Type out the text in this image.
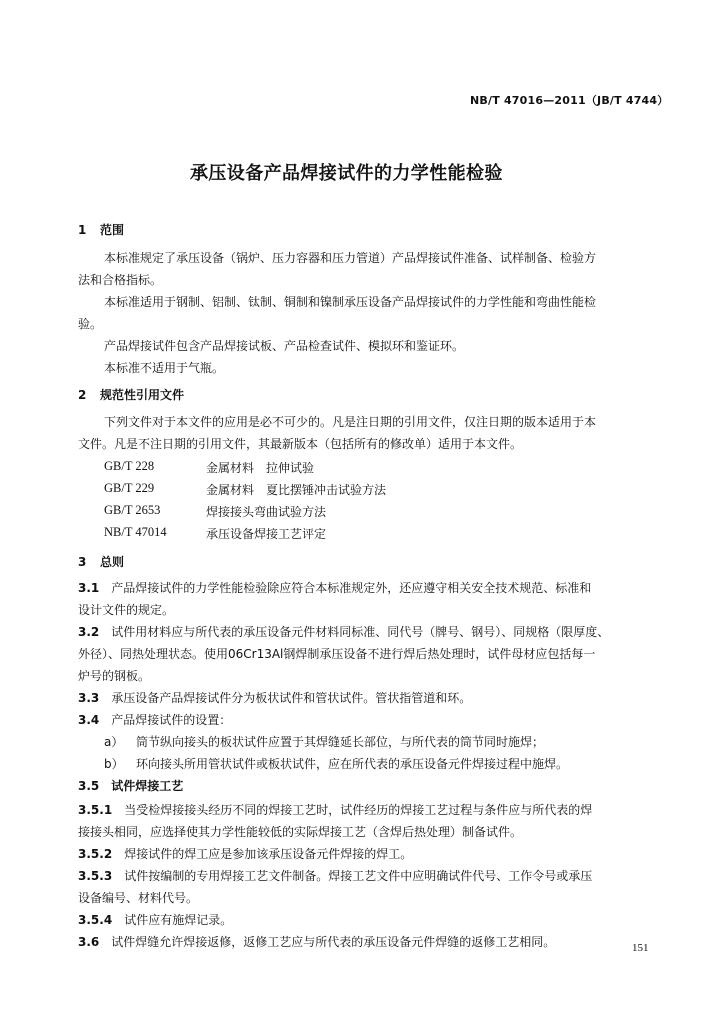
NB/T 47016—2011（JB/T 4744）
承压设备产品焊接试件的力学性能检验
1 范围
本标准规定了承压设备（锅炉、压力容器和压力管道）产品焊接试件准备、试样制备、检验方
法和合格指标。
本标准适用于钢制、铝制、钛制、铜制和镍制承压设备产品焊接试件的力学性能和弯曲性能检
验。
产品焊接试件包含产品焊接试板、产品检查试件、模拟环和鉴证环。
本标准不适用于气瓶。
2 规范性引用文件
下列文件对于本文件的应用是必不可少的。凡是注日期的引用文件，仅注日期的版本适用于本
文件。凡是不注日期的引用文件，其最新版本（包括所有的修改单）适用于本文件。
GB/T 228	金属材料　拉伸试验
GB/T 229	金属材料　夏比摆锤冲击试验方法
GB/T 2653	焊接接头弯曲试验方法
NB/T 47014	承压设备焊接工艺评定
3 总则
3.1　 产品焊接试件的力学性能检验除应符合本标准规定外，还应遵守相关安全技术规范、标准和
设计文件的规定。
3.2　 试件用材料应与所代表的承压设备元件材料同标准、同代号（牌号、钢号）、同规格（限厚度、
外径）、同热处理状态。使用06Cr13Al钢焊制承压设备不进行焊后热处理时，试件母材应包括每一
炉号的钢板。
3.3　 承压设备产品焊接试件分为板状试件和管状试件。管状指管道和环。
3.4　 产品焊接试件的设置：
a）　 筒节纵向接头的板状试件应置于其焊缝延长部位，与所代表的筒节同时施焊；
b）　 环向接头所用管状试件或板状试件，应在所代表的承压设备元件焊接过程中施焊。
3.5　 试件焊接工艺
3.5.1　 当受检焊接接头经历不同的焊接工艺时，试件经历的焊接工艺过程与条件应与所代表的焊
接接头相同，应选择使其力学性能较低的实际焊接工艺（含焊后热处理）制备试件。
3.5.2　 焊接试件的焊工应是参加该承压设备元件焊接的焊工。
3.5.3　 试件按编制的专用焊接工艺文件制备。焊接工艺文件中应明确试件代号、工作令号或承压
设备编号、材料代号。
3.5.4　 试件应有施焊记录。
3.6　 试件焊缝允许焊接返修，返修工艺应与所代表的承压设备元件焊缝的返修工艺相同。	151
